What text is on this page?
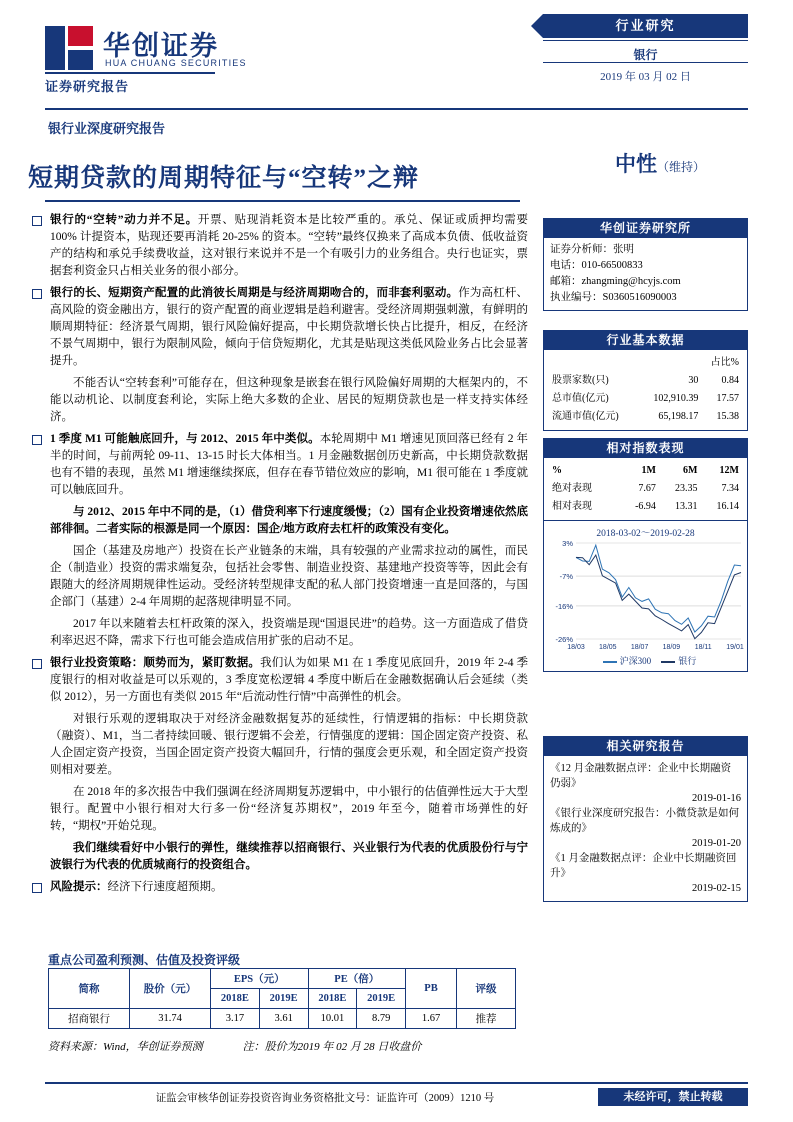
华创证券
HUA CHUANG SECURITIES
证券研究报告
行业研究
银行
2019 年 03 月 02 日
银行业深度研究报告
短期贷款的周期特征与“空转”之辩
中性（维持）
银行的“空转”动力并不足。开票、贴现消耗资本是比较严重的。承兑、保证或质押均需要 100% 计提资本，贴现还要再消耗 20-25% 的资本。“空转”最终仅换来了高成本负债、低收益资产的结构和承兑手续费收益，这对银行来说并不是一个有吸引力的业务组合。央行也证实，票据套利资金只占相关业务的很小部分。
银行的长、短期资产配置的此消彼长周期是与经济周期吻合的，而非套利驱动。作为高杠杆、高风险的资金融出方，银行的资产配置的商业逻辑是趋利避害。受经济周期强刺激，有鲜明的顺周期特征：经济景气周期，银行风险偏好提高，中长期贷款增长快占比提升，相反，在经济不景气周期中，银行为限制风险，倾向于信贷短期化，尤其是贴现这类低风险业务占比会显著提升。

不能否认“空转套利”可能存在，但这种现象是嵌套在银行风险偏好周期的大框架内的，不能以动机论、以制度套利论，实际上绝大多数的企业、居民的短期贷款也是一样支持实体经济。

1 季度 M1 可能触底回升，与 2012、2015 年中类似。本轮周期中 M1 增速见顶回落已经有 2 年半的时间，与前两轮 09-11、13-15 时长大体相当。1 月金融数据创历史新高，中长期贷款数据也有不错的表现，虽然 M1 增速继续探底，但存在春节错位效应的影响，M1 很可能在 1 季度就可以触底回升。

与 2012、2015 年中不同的是，（1）借贷利率下行速度缓慢；（2）国有企业投资增速依然底部徘徊。二者实际的根源是同一个原因：国企/地方政府去杠杆的政策没有变化。

国企（基建及房地产）投资在长产业链条的末端，具有较强的产业需求拉动的属性，而民企（制造业）投资的需求端复杂，包括社会零售、制造业投资、基建地产投资等等，因此会有跟随大的经济周期规律性运动。受经济转型规律支配的私人部门投资增速一直是回落的，与国企部门（基建）2-4 年周期的起落规律明显不同。

2017 年以来随着去杠杆政策的深入，投资端是现“国退民进”的趋势。这一方面造成了借贷利率迟迟不降，需求下行也可能会造成信用扩张的启动不足。

银行业投资策略：顺势而为，紧盯数据。我们认为如果 M1 在 1 季度见底回升，2019 年 2-4 季度银行的相对收益是可以乐观的，3 季度宽松逻辑 4 季度中断后在金融数据确认后会延续（类似 2012），另一方面也有类似 2015 年“后流动性行情”中高弹性的机会。

对银行乐观的逻辑取决于对经济金融数据复苏的延续性，行情逻辑的指标：中长期贷款（融资）、M1，当二者持续回暖、银行逻辑不会差，行情强度的逻辑：国企固定资产投资、私人企固定资产投资，当国企固定资产投资大幅回升，行情的强度会更乐观，和全固定资产投资则相对要差。

在 2018 年的多次报告中我们强调在经济周期复苏逻辑中，中小银行的估值弹性远大于大型银行。配置中小银行相对大行多一份“经济复苏期权”，2019 年至今，随着市场弹性的好转，“期权”开始兑现。

我们继续看好中小银行的弹性，继续推荐以招商银行、兴业银行为代表的优质股份行与宁波银行为代表的优质城商行的投资组合。

风险提示：经济下行速度超预期。
重点公司盈利预测、估值及投资评级
简称	股价（元）	EPS（元）		PE（倍）		PB	评级
		2018E	2019E	2018E	2019E		
招商银行	31.74	3.17	3.61	10.01	8.79	1.67	推荐
资料来源：Wind，华创证券预测	注：股价为2019 年 02 月 28 日收盘价
华创证券研究所
证券分析师：张明
电话：010-66500833
邮箱：zhangming@hcyjs.com
执业编号：S0360516090003
行业基本数据
		占比%
股票家数(只)	30	0.84
总市值(亿元)	102,910.39	17.57
流通市值(亿元)	65,198.17	15.38
相对指数表现
%	1M	6M	12M
绝对表现	7.67	23.35	7.34
相对表现	-6.94	13.31	16.14
2018-03-02～2019-02-28
3%
-7%
-16%
-26%
18/03 18/05 18/07 18/09 18/11 19/01
沪深300	银行
相关研究报告
《12 月金融数据点评：企业中长期融资仍弱》
2019-01-16
《银行业深度研究报告：小微贷款是如何炼成的》
2019-01-20
《1 月金融数据点评：企业中长期融资回升》
2019-02-15
证监会审核华创证券投资咨询业务资格批文号：证监许可（2009）1210 号	未经许可，禁止转载
